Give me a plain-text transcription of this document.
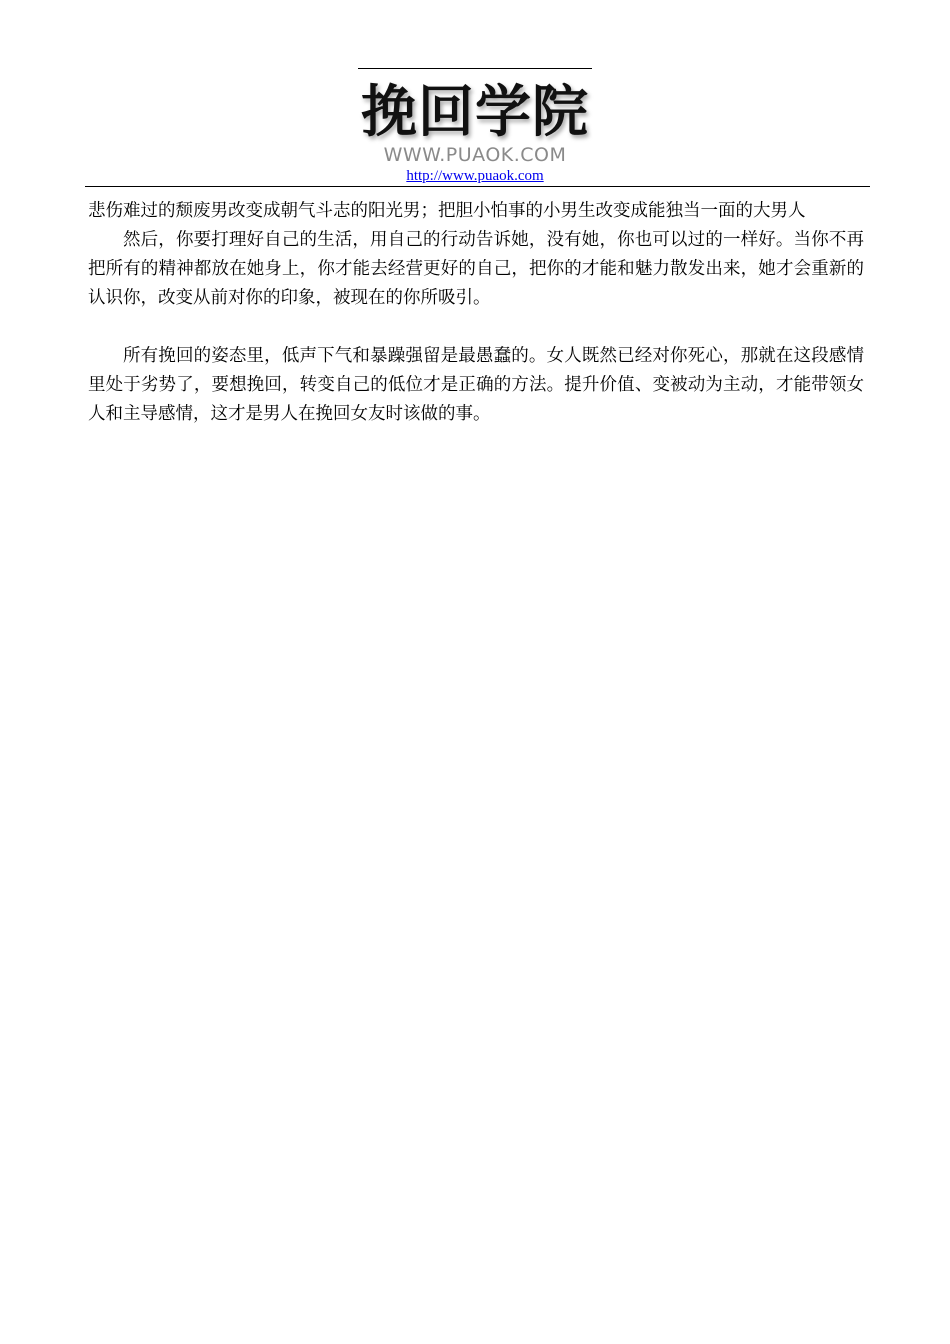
挽回学院
WWW.PUAOK.COM
http://www.puaok.com

悲伤难过的颓废男改变成朝气斗志的阳光男；把胆小怕事的小男生改变成能独当一面的大男人

然后，你要打理好自己的生活，用自己的行动告诉她，没有她，你也可以过的一样好。当你不再把所有的精神都放在她身上，你才能去经营更好的自己，把你的才能和魅力散发出来，她才会重新的认识你，改变从前对你的印象，被现在的你所吸引。

所有挽回的姿态里，低声下气和暴躁强留是最愚蠢的。女人既然已经对你死心，那就在这段感情里处于劣势了，要想挽回，转变自己的低位才是正确的方法。提升价值、变被动为主动，才能带领女人和主导感情，这才是男人在挽回女友时该做的事。
